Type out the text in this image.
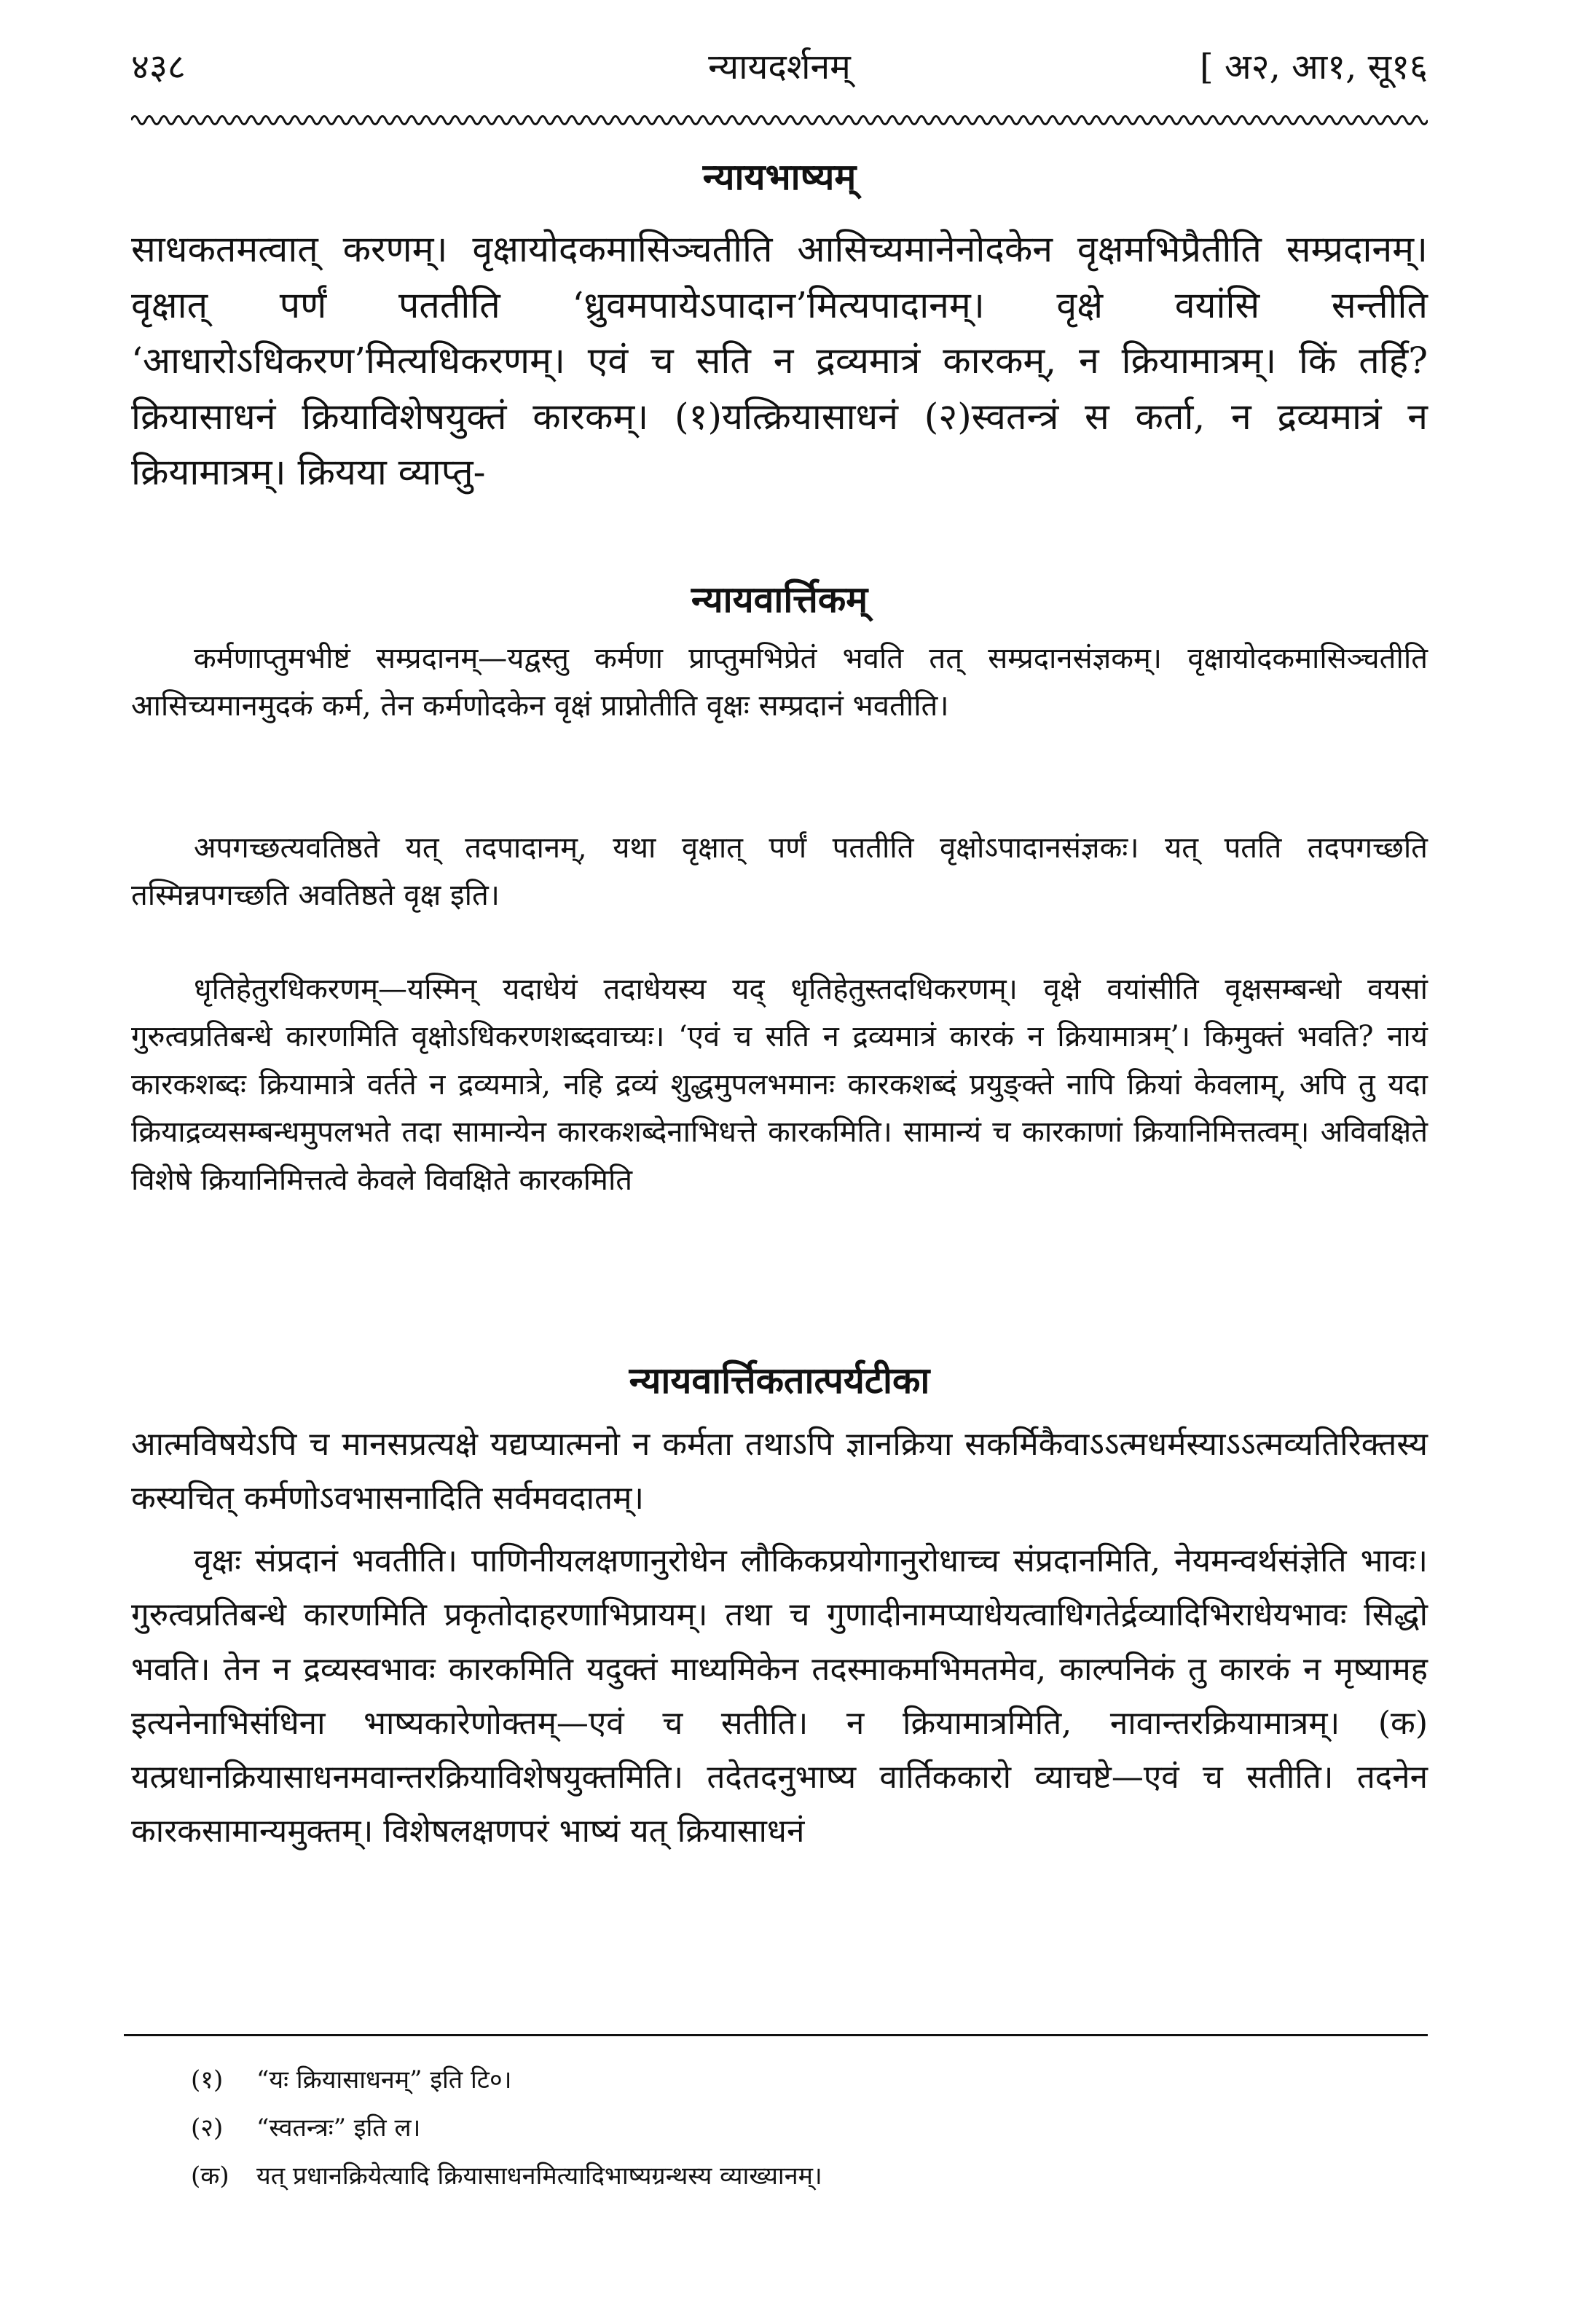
४३८	न्यायदर्शनम्	[ अ२, आ१, सू१६
न्यायभाष्यम्

साधकतमत्वात् करणम्। वृक्षायोदकमासिञ्चतीति आसिच्यमानेनोदकेन वृक्षमभिप्रैतीति सम्प्रदानम्। वृक्षात् पर्णं पततीति ‘ध्रुवमपायेऽपादान’मित्यपादानम्। वृक्षे वयांसि सन्तीति ‘आधारोऽधिकरण’मित्यधिकरणम्। एवं च सति न द्रव्यमात्रं कारकम्, न क्रियामात्रम्। किं तर्हि? क्रियासाधनं क्रियाविशेषयुक्तं कारकम्। (१)यत्क्रियासाधनं (२)स्वतन्त्रं स कर्ता, न द्रव्यमात्रं न क्रियामात्रम्। क्रियया व्याप्तु-

न्यायवार्त्तिकम्

कर्मणाप्तुमभीष्टं सम्प्रदानम्—यद्वस्तु कर्मणा प्राप्तुमभिप्रेतं भवति तत् सम्प्रदानसंज्ञकम्। वृक्षायोदकमासिञ्चतीति आसिच्यमानमुदकं कर्म, तेन कर्मणोदकेन वृक्षं प्राप्नोतीति वृक्षः सम्प्रदानं भवतीति।

अपगच्छत्यवतिष्ठते यत् तदपादानम्, यथा वृक्षात् पर्णं पततीति वृक्षोऽपादानसंज्ञकः। यत् पतति तदपगच्छति तस्मिन्नपगच्छति अवतिष्ठते वृक्ष इति।

धृतिहेतुरधिकरणम्—यस्मिन् यदाधेयं तदाधेयस्य यद् धृतिहेतुस्तदधिकरणम्। वृक्षे वयांसीति वृक्षसम्बन्धो वयसां गुरुत्वप्रतिबन्धे कारणमिति वृक्षोऽधिकरणशब्दवाच्यः। ‘एवं च सति न द्रव्यमात्रं कारकं न क्रियामात्रम्’। किमुक्तं भवति? नायं कारकशब्दः क्रियामात्रे वर्तते न द्रव्यमात्रे, नहि द्रव्यं शुद्धमुपलभमानः कारकशब्दं प्रयुङ्क्ते नापि क्रियां केवलाम्, अपि तु यदा क्रियाद्रव्यसम्बन्धमुपलभते तदा सामान्येन कारकशब्देनाभिधत्ते कारकमिति। सामान्यं च कारकाणां क्रियानिमित्तत्वम्। अविवक्षिते विशेषे क्रियानिमित्तत्वे केवले विवक्षिते कारकमिति

न्यायवार्त्तिकतात्पर्यटीका

आत्मविषयेऽपि च मानसप्रत्यक्षे यद्यप्यात्मनो न कर्मता तथाऽपि ज्ञानक्रिया सकर्मिकैवाऽऽत्मधर्मस्याऽऽत्मव्यतिरिक्तस्य कस्यचित् कर्मणोऽवभासनादिति सर्वमवदातम्।

वृक्षः संप्रदानं भवतीति। पाणिनीयलक्षणानुरोधेन लौकिकप्रयोगानुरोधाच्च संप्रदानमिति, नेयमन्वर्थसंज्ञेति भावः। गुरुत्वप्रतिबन्धे कारणमिति प्रकृतोदाहरणाभिप्रायम्। तथा च गुणादीनामप्याधेयत्वाधिगतेर्द्रव्यादिभिराधेयभावः सिद्धो भवति। तेन न द्रव्यस्वभावः कारकमिति यदुक्तं माध्यमिकेन तदस्माकमभिमतमेव, काल्पनिकं तु कारकं न मृष्यामह इत्यनेनाभिसंधिना भाष्यकारेणोक्तम्—एवं च सतीति। न क्रियामात्रमिति, नावान्तरक्रियामात्रम्। (क) यत्प्रधानक्रियासाधनमवान्तरक्रियाविशेषयुक्तमिति। तदेतदनुभाष्य वार्तिककारो व्याचष्टे—एवं च सतीति। तदनेन कारकसामान्यमुक्तम्। विशेषलक्षणपरं भाष्यं यत् क्रियासाधनं

(१) “यः क्रियासाधनम्” इति टि०।
(२) “स्वतन्त्रः” इति ल।
(क) यत् प्रधानक्रियेत्यादि क्रियासाधनमित्यादिभाष्यग्रन्थस्य व्याख्यानम्।
